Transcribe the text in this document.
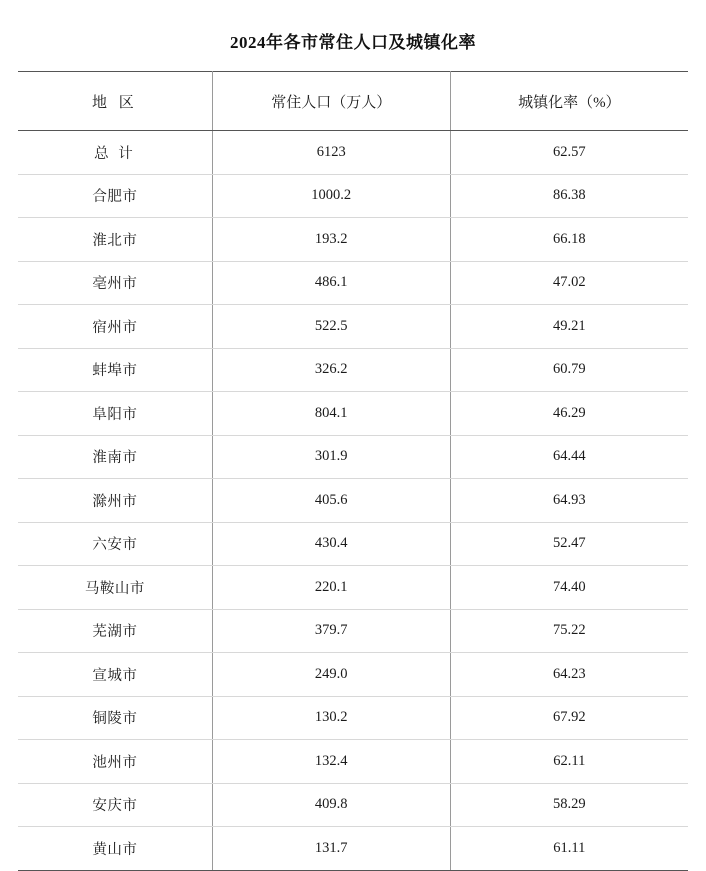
2024年各市常住人口及城镇化率
地 区	常住人口（万人）	城镇化率（%）
总 计	6123	62.57
合肥市	1000.2	86.38
淮北市	193.2	66.18
亳州市	486.1	47.02
宿州市	522.5	49.21
蚌埠市	326.2	60.79
阜阳市	804.1	46.29
淮南市	301.9	64.44
滁州市	405.6	64.93
六安市	430.4	52.47
马鞍山市	220.1	74.40
芜湖市	379.7	75.22
宣城市	249.0	64.23
铜陵市	130.2	67.92
池州市	132.4	62.11
安庆市	409.8	58.29
黄山市	131.7	61.11
